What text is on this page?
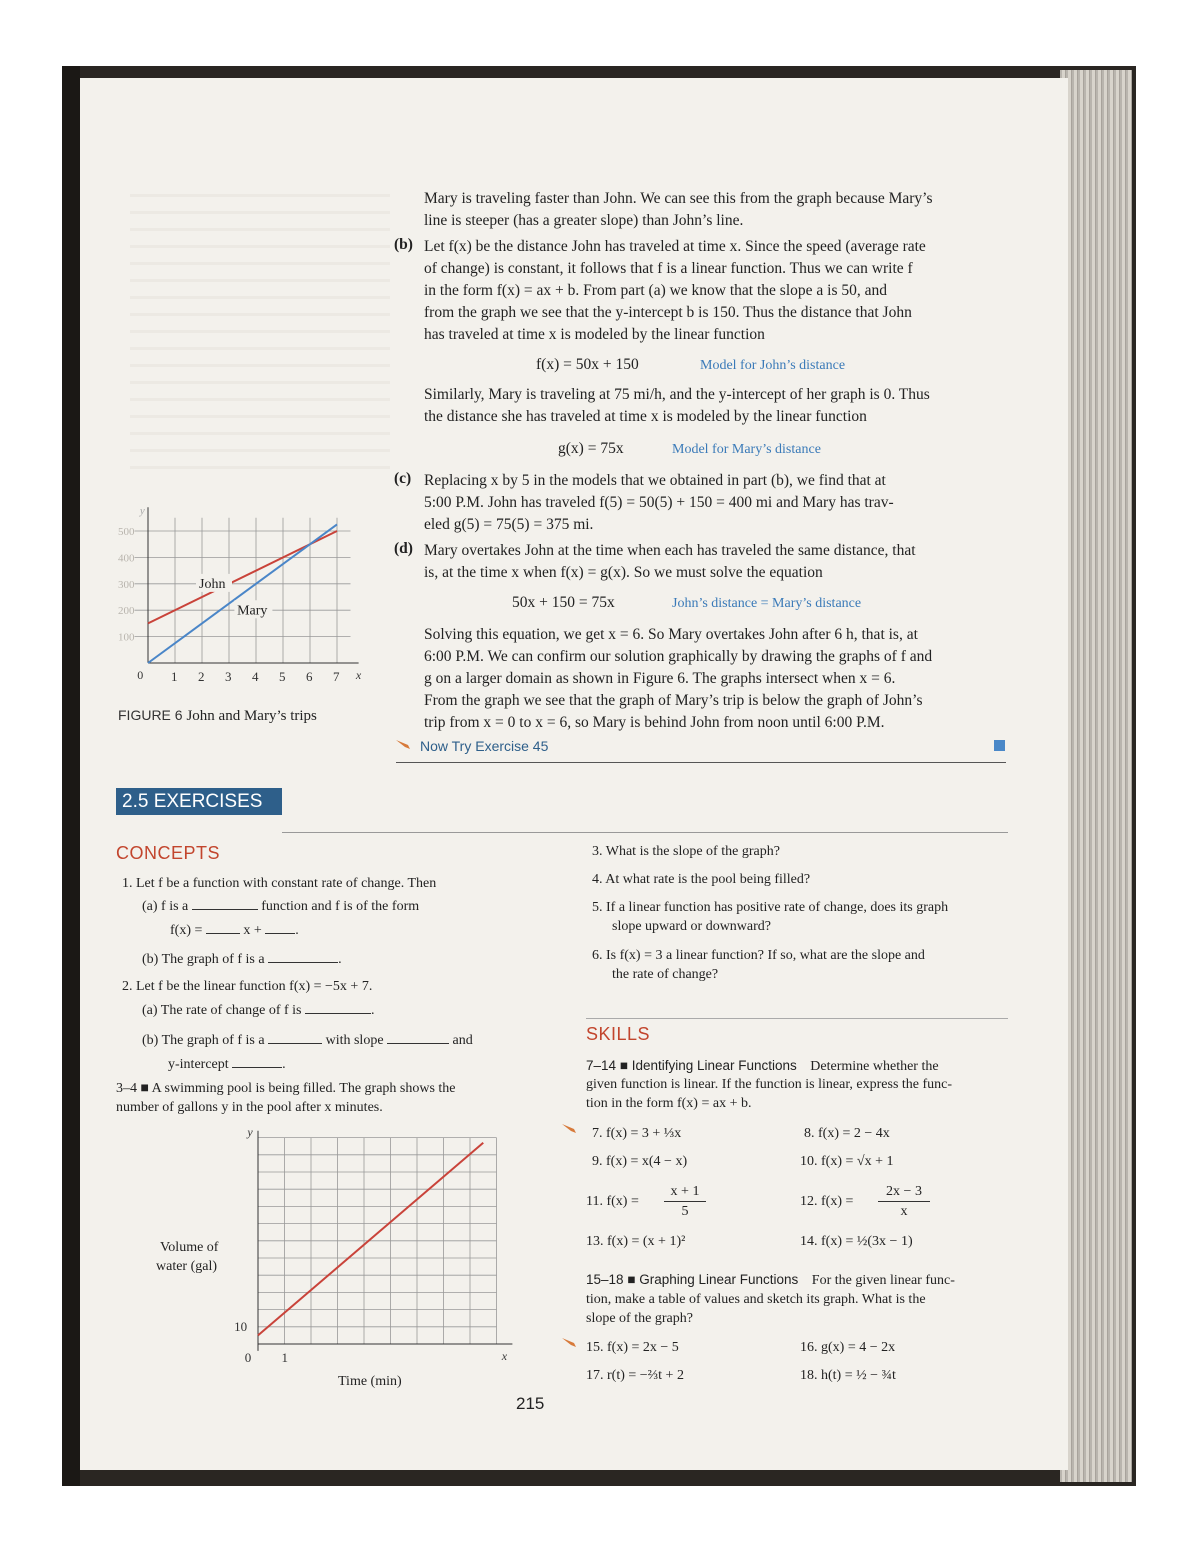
Mary is traveling faster than John. We can see this from the graph because Mary’s
line is steeper (has a greater slope) than John’s line.
(b) Let f(x) be the distance John has traveled at time x. Since the speed (average rate
of change) is constant, it follows that f is a linear function. Thus we can write f
in the form f(x) = ax + b. From part (a) we know that the slope a is 50, and
from the graph we see that the y-intercept b is 150. Thus the distance that John
has traveled at time x is modeled by the linear function
f(x) = 50x + 150	Model for John’s distance
Similarly, Mary is traveling at 75 mi/h, and the y-intercept of her graph is 0. Thus
the distance she has traveled at time x is modeled by the linear function
g(x) = 75x	Model for Mary’s distance
(c) Replacing x by 5 in the models that we obtained in part (b), we find that at
5:00 P.M. John has traveled f(5) = 50(5) + 150 = 400 mi and Mary has trav-
eled g(5) = 75(5) = 375 mi.
(d) Mary overtakes John at the time when each has traveled the same distance, that
is, at the time x when f(x) = g(x). So we must solve the equation
50x + 150 = 75x	John’s distance = Mary’s distance
Solving this equation, we get x = 6. So Mary overtakes John after 6 h, that is, at
6:00 P.M. We can confirm our solution graphically by drawing the graphs of f and
g on a larger domain as shown in Figure 6. The graphs intersect when x = 6.
From the graph we see that the graph of Mary’s trip is below the graph of John’s
trip from x = 0 to x = 6, so Mary is behind John from noon until 6:00 P.M.
Now Try Exercise 45
y
x
500
400
300
200
100
0 1 2 3 4 5 6 7
John
Mary
FIGURE 6 John and Mary’s trips
2.5 EXERCISES
CONCEPTS
1. Let f be a function with constant rate of change. Then
(a) f is a	function and f is of the form
f(x) =	x + .
(b) The graph of f is a	.
2. Let f be the linear function f(x) = −5x + 7.
(a) The rate of change of f is	.
(b) The graph of f is a	with slope	and
y-intercept	.
3–4 ■ A swimming pool is being filled. The graph shows the
number of gallons y in the pool after x minutes.
y
x
10
1
0
Volume of
water (gal)
Time (min)
3. What is the slope of the graph?
4. At what rate is the pool being filled?
5. If a linear function has positive rate of change, does its graph
slope upward or downward?
6. Is f(x) = 3 a linear function? If so, what are the slope and
the rate of change?
SKILLS
7–14 ■ Identifying Linear Functions Determine whether the
given function is linear. If the function is linear, express the func-
tion in the form f(x) = ax + b.
7. f(x) = 3 + ⅓x	8. f(x) = 2 − 4x
9. f(x) = x(4 − x)	10. f(x) = √x + 1
11. f(x) =
x + 1
5
12. f(x) =
2x − 3
x
13. f(x) = (x + 1)²	14. f(x) = ½(3x − 1)
15–18 ■ Graphing Linear Functions For the given linear func-
tion, make a table of values and sketch its graph. What is the
slope of the graph?
15. f(x) = 2x − 5	16. g(x) = 4 − 2x
17. r(t) = −⅔t + 2	18. h(t) = ½ − ¾t
215
